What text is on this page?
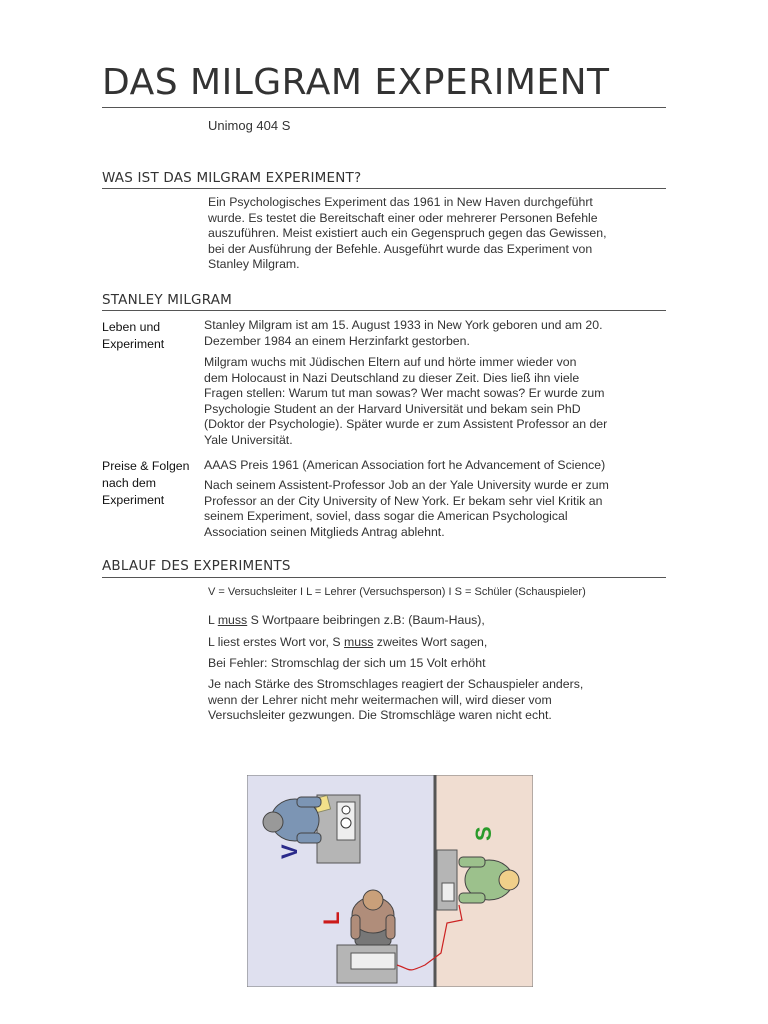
DAS MILGRAM EXPERIMENT
Unimog 404 S
WAS IST DAS MILGRAM EXPERIMENT?
Ein Psychologisches Experiment das 1961 in New Haven durchgeführt
wurde. Es testet die Bereitschaft einer oder mehrerer Personen Befehle
auszuführen. Meist existiert auch ein Gegenspruch gegen das Gewissen,
bei der Ausführung der Befehle. Ausgeführt wurde das Experiment von
Stanley Milgram.
STANLEY MILGRAM
Leben und
Experiment
Stanley Milgram ist am 15. August 1933 in New York geboren und am 20.
Dezember 1984 an einem Herzinfarkt gestorben.
Milgram wuchs mit Jüdischen Eltern auf und hörte immer wieder von
dem Holocaust in Nazi Deutschland zu dieser Zeit. Dies ließ ihn viele
Fragen stellen: Warum tut man sowas? Wer macht sowas? Er wurde zum
Psychologie Student an der Harvard Universität und bekam sein PhD
(Doktor der Psychologie). Später wurde er zum Assistent Professor an der
Yale Universität.
Preise & Folgen
nach dem
Experiment
AAAS Preis 1961 (American Association fort he Advancement of Science)
Nach seinem Assistent-Professor Job an der Yale University wurde er zum
Professor an der City University of New York. Er bekam sehr viel Kritik an
seinem Experiment, soviel, dass sogar die American Psychological
Association seinen Mitglieds Antrag ablehnt.
ABLAUF DES EXPERIMENTS
V = Versuchsleiter I L = Lehrer (Versuchsperson) I S = Schüler (Schauspieler)
L muss S Wortpaare beibringen z.B: (Baum-Haus),
L liest erstes Wort vor, S muss zweites Wort sagen,
Bei Fehler: Stromschlag der sich um 15 Volt erhöht
Je nach Stärke des Stromschlages reagiert der Schauspieler anders,
wenn der Lehrer nicht mehr weitermachen will, wird dieser vom
Versuchsleiter gezwungen. Die Stromschläge waren nicht echt.
V
L
S
